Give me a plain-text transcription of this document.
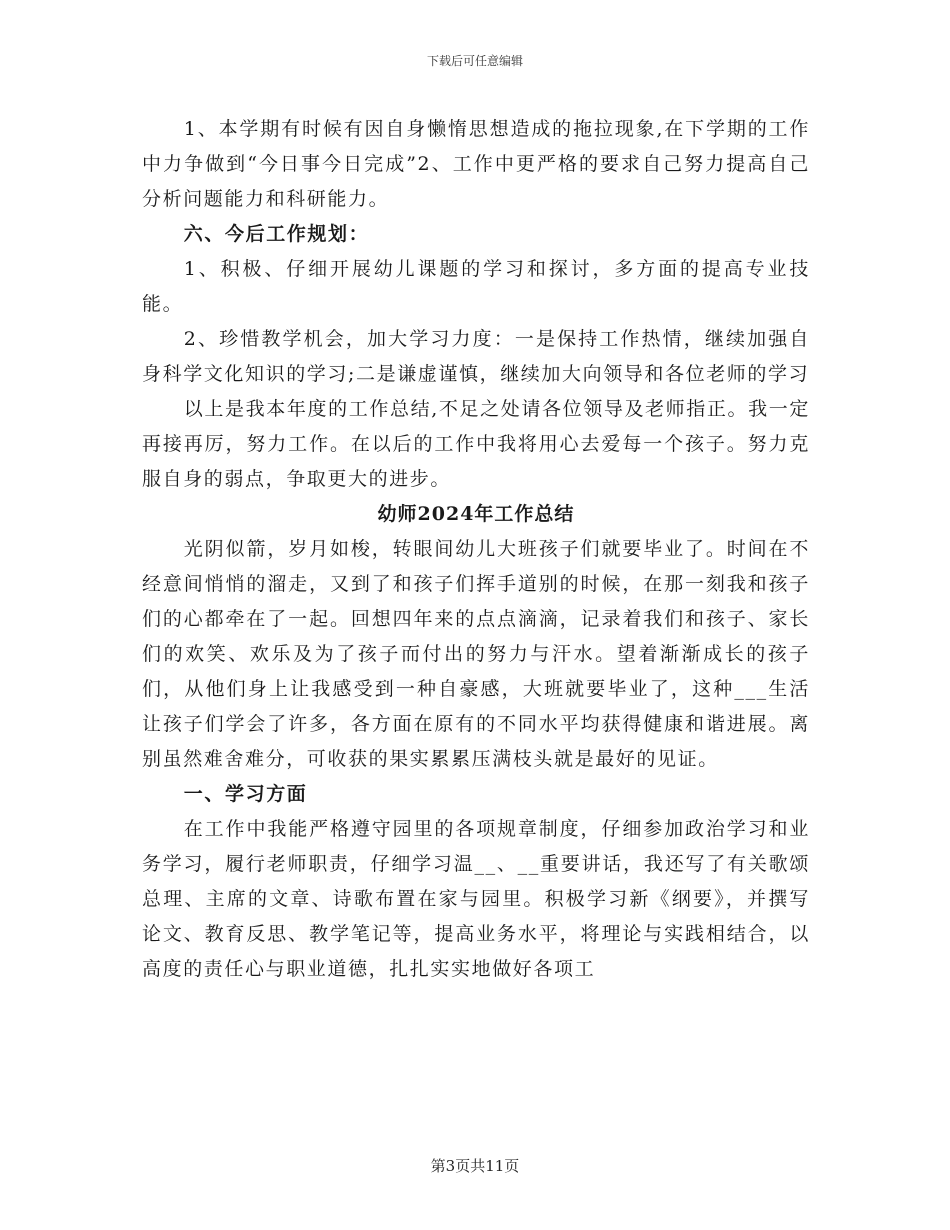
下载后可任意编辑

1、本学期有时候有因自身懒惰思想造成的拖拉现象,在下学期的工作中力争做到“今日事今日完成”2、工作中更严格的要求自己努力提高自己分析问题能力和科研能力。

六、今后工作规划：

1、积极、仔细开展幼儿课题的学习和探讨，多方面的提高专业技能。

2、珍惜教学机会，加大学习力度：一是保持工作热情，继续加强自身科学文化知识的学习;二是谦虚谨慎，继续加大向领导和各位老师的学习

以上是我本年度的工作总结,不足之处请各位领导及老师指正。我一定再接再厉，努力工作。在以后的工作中我将用心去爱每一个孩子。努力克服自身的弱点，争取更大的进步。

幼师2024年工作总结

光阴似箭，岁月如梭，转眼间幼儿大班孩子们就要毕业了。时间在不经意间悄悄的溜走，又到了和孩子们挥手道别的时候，在那一刻我和孩子们的心都牵在了一起。回想四年来的点点滴滴，记录着我们和孩子、家长们的欢笑、欢乐及为了孩子而付出的努力与汗水。望着渐渐成长的孩子们，从他们身上让我感受到一种自豪感，大班就要毕业了，这种___生活让孩子们学会了许多，各方面在原有的不同水平均获得健康和谐进展。离别虽然难舍难分，可收获的果实累累压满枝头就是最好的见证。

一、学习方面

在工作中我能严格遵守园里的各项规章制度，仔细参加政治学习和业务学习，履行老师职责，仔细学习温__、__重要讲话，我还写了有关歌颂总理、主席的文章、诗歌布置在家与园里。积极学习新《纲要》，并撰写论文、教育反思、教学笔记等，提高业务水平，将理论与实践相结合，以高度的责任心与职业道德，扎扎实实地做好各项工

第3页共11页
